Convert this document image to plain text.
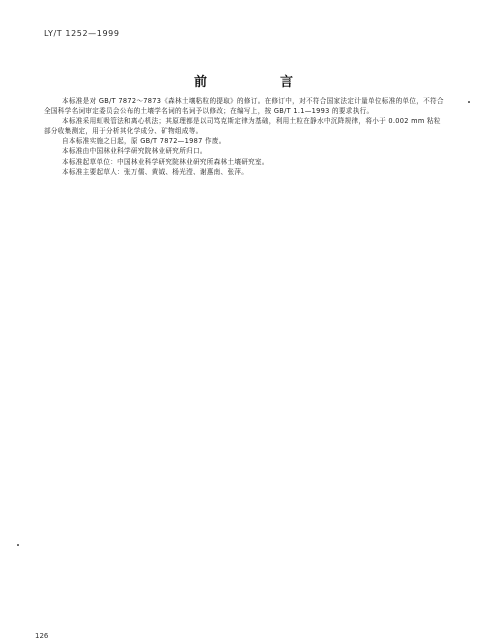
LY/T 1252—1999
前　言

本标准是对 GB/T 7872～7873《森林土壤粘粒的提取》的修订。在修订中，对不符合国家法定计量单位标准的单位，不符合全国科学名词审定委员会公布的土壤学名词的名词予以修改；在编写上，按 GB/T 1.1—1993 的要求执行。

本标准采用虹吸管法和离心机法；其原理都是以司笃克斯定律为基础，利用土粒在静水中沉降规律，将小于 0.002 mm 粘粒部分收集测定，用于分析其化学成分、矿物组成等。

自本标准实施之日起，原 GB/T 7872—1987 作废。

本标准由中国林业科学研究院林业研究所归口。

本标准起草单位：中国林业科学研究院林业研究所森林土壤研究室。

本标准主要起草人：张万儒、黄钺、杨光滢、谢惠南、张萍。

126
